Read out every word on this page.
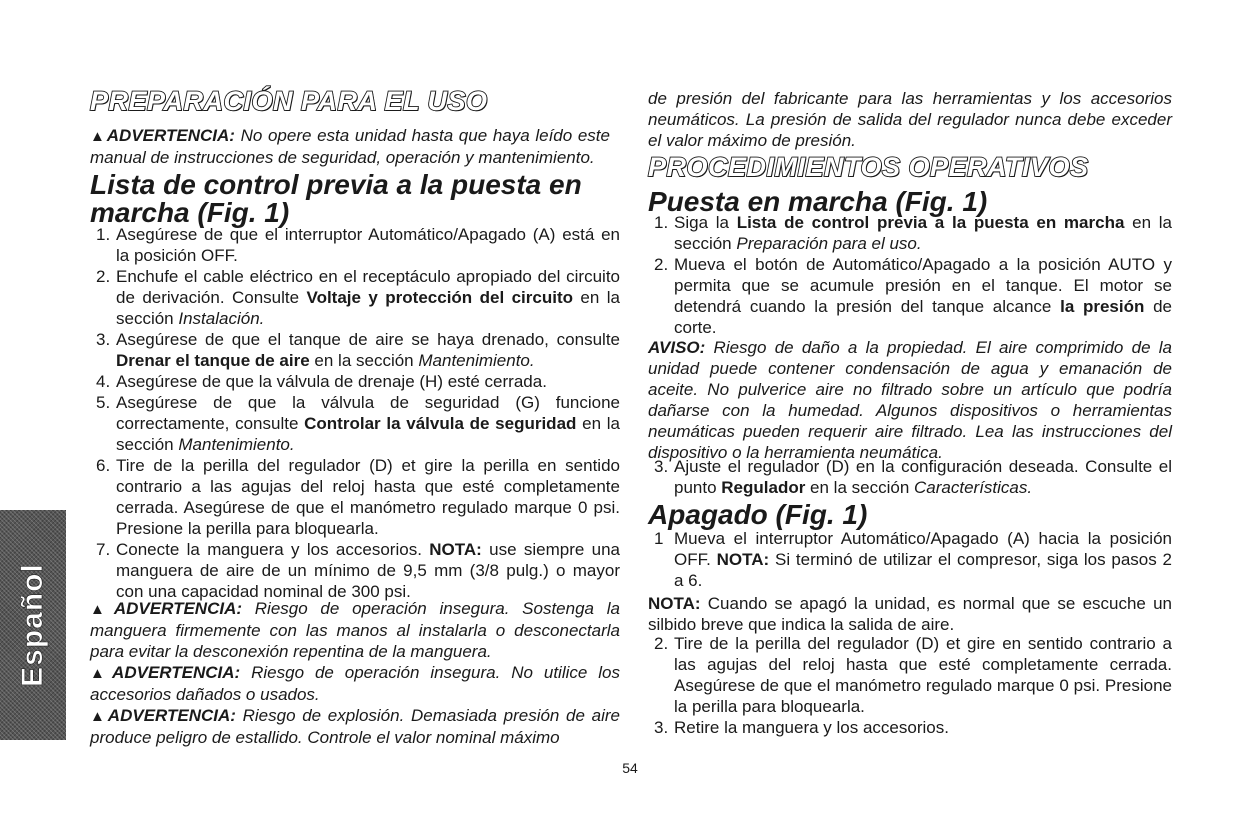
Español
PREPARACIÓN PARA EL USO
▲ADVERTENCIA: No opere esta unidad hasta que haya leído este manual de instrucciones de seguridad, operación y mantenimiento.
Lista de control previa a la puesta en
marcha (Fig. 1)
1. Asegúrese de que el interruptor Automático/Apagado (A) está en la posición OFF.
2. Enchufe el cable eléctrico en el receptáculo apropiado del circuito de derivación. Consulte Voltaje y protección del circuito en la sección Instalación.
3. Asegúrese de que el tanque de aire se haya drenado, consulte Drenar el tanque de aire en la sección Mantenimiento.
4. Asegúrese de que la válvula de drenaje (H) esté cerrada.
5. Asegúrese de que la válvula de seguridad (G) funcione correctamente, consulte Controlar la válvula de seguridad en la sección Mantenimiento.
6. Tire de la perilla del regulador (D) et gire la perilla en sentido contrario a las agujas del reloj hasta que esté completamente cerrada. Asegúrese de que el manómetro regulado marque 0 psi. Presione la perilla para bloquearla.
7. Conecte la manguera y los accesorios. NOTA: use siempre una manguera de aire de un mínimo de 9,5 mm (3/8 pulg.) o mayor con una capacidad nominal de 300 psi.

▲ADVERTENCIA: Riesgo de operación insegura. Sostenga la manguera firmemente con las manos al instalarla o desconectarla para evitar la desconexión repentina de la manguera.

▲ADVERTENCIA: Riesgo de operación insegura. No utilice los accesorios dañados o usados.

▲ADVERTENCIA: Riesgo de explosión. Demasiada presión de aire produce peligro de estallido. Controle el valor nominal máximo

de presión del fabricante para las herramientas y los accesorios neumáticos. La presión de salida del regulador nunca debe exceder el valor máximo de presión.
PROCEDIMIENTOS OPERATIVOS
Puesta en marcha (Fig. 1)
1. Siga la Lista de control previa a la puesta en marcha en la sección Preparación para el uso.
2. Mueva el botón de Automático/Apagado a la posición AUTO y permita que se acumule presión en el tanque. El motor se detendrá cuando la presión del tanque alcance la presión de corte.
AVISO: Riesgo de daño a la propiedad. El aire comprimido de la unidad puede contener condensación de agua y emanación de aceite. No pulverice aire no filtrado sobre un artículo que podría dañarse con la humedad. Algunos dispositivos o herramientas neumáticas pueden requerir aire filtrado. Lea las instrucciones del dispositivo o la herramienta neumática.
3. Ajuste el regulador (D) en la configuración deseada. Consulte el punto Regulador en la sección Características.
Apagado (Fig. 1)
1 Mueva el interruptor Automático/Apagado (A) hacia la posición OFF. NOTA: Si terminó de utilizar el compresor, siga los pasos 2 a 6.
NOTA: Cuando se apagó la unidad, es normal que se escuche un silbido breve que indica la salida de aire.
2. Tire de la perilla del regulador (D) et gire en sentido contrario a las agujas del reloj hasta que esté completamente cerrada. Asegúrese de que el manómetro regulado marque 0 psi. Presione la perilla para bloquearla.
3. Retire la manguera y los accesorios.
54
